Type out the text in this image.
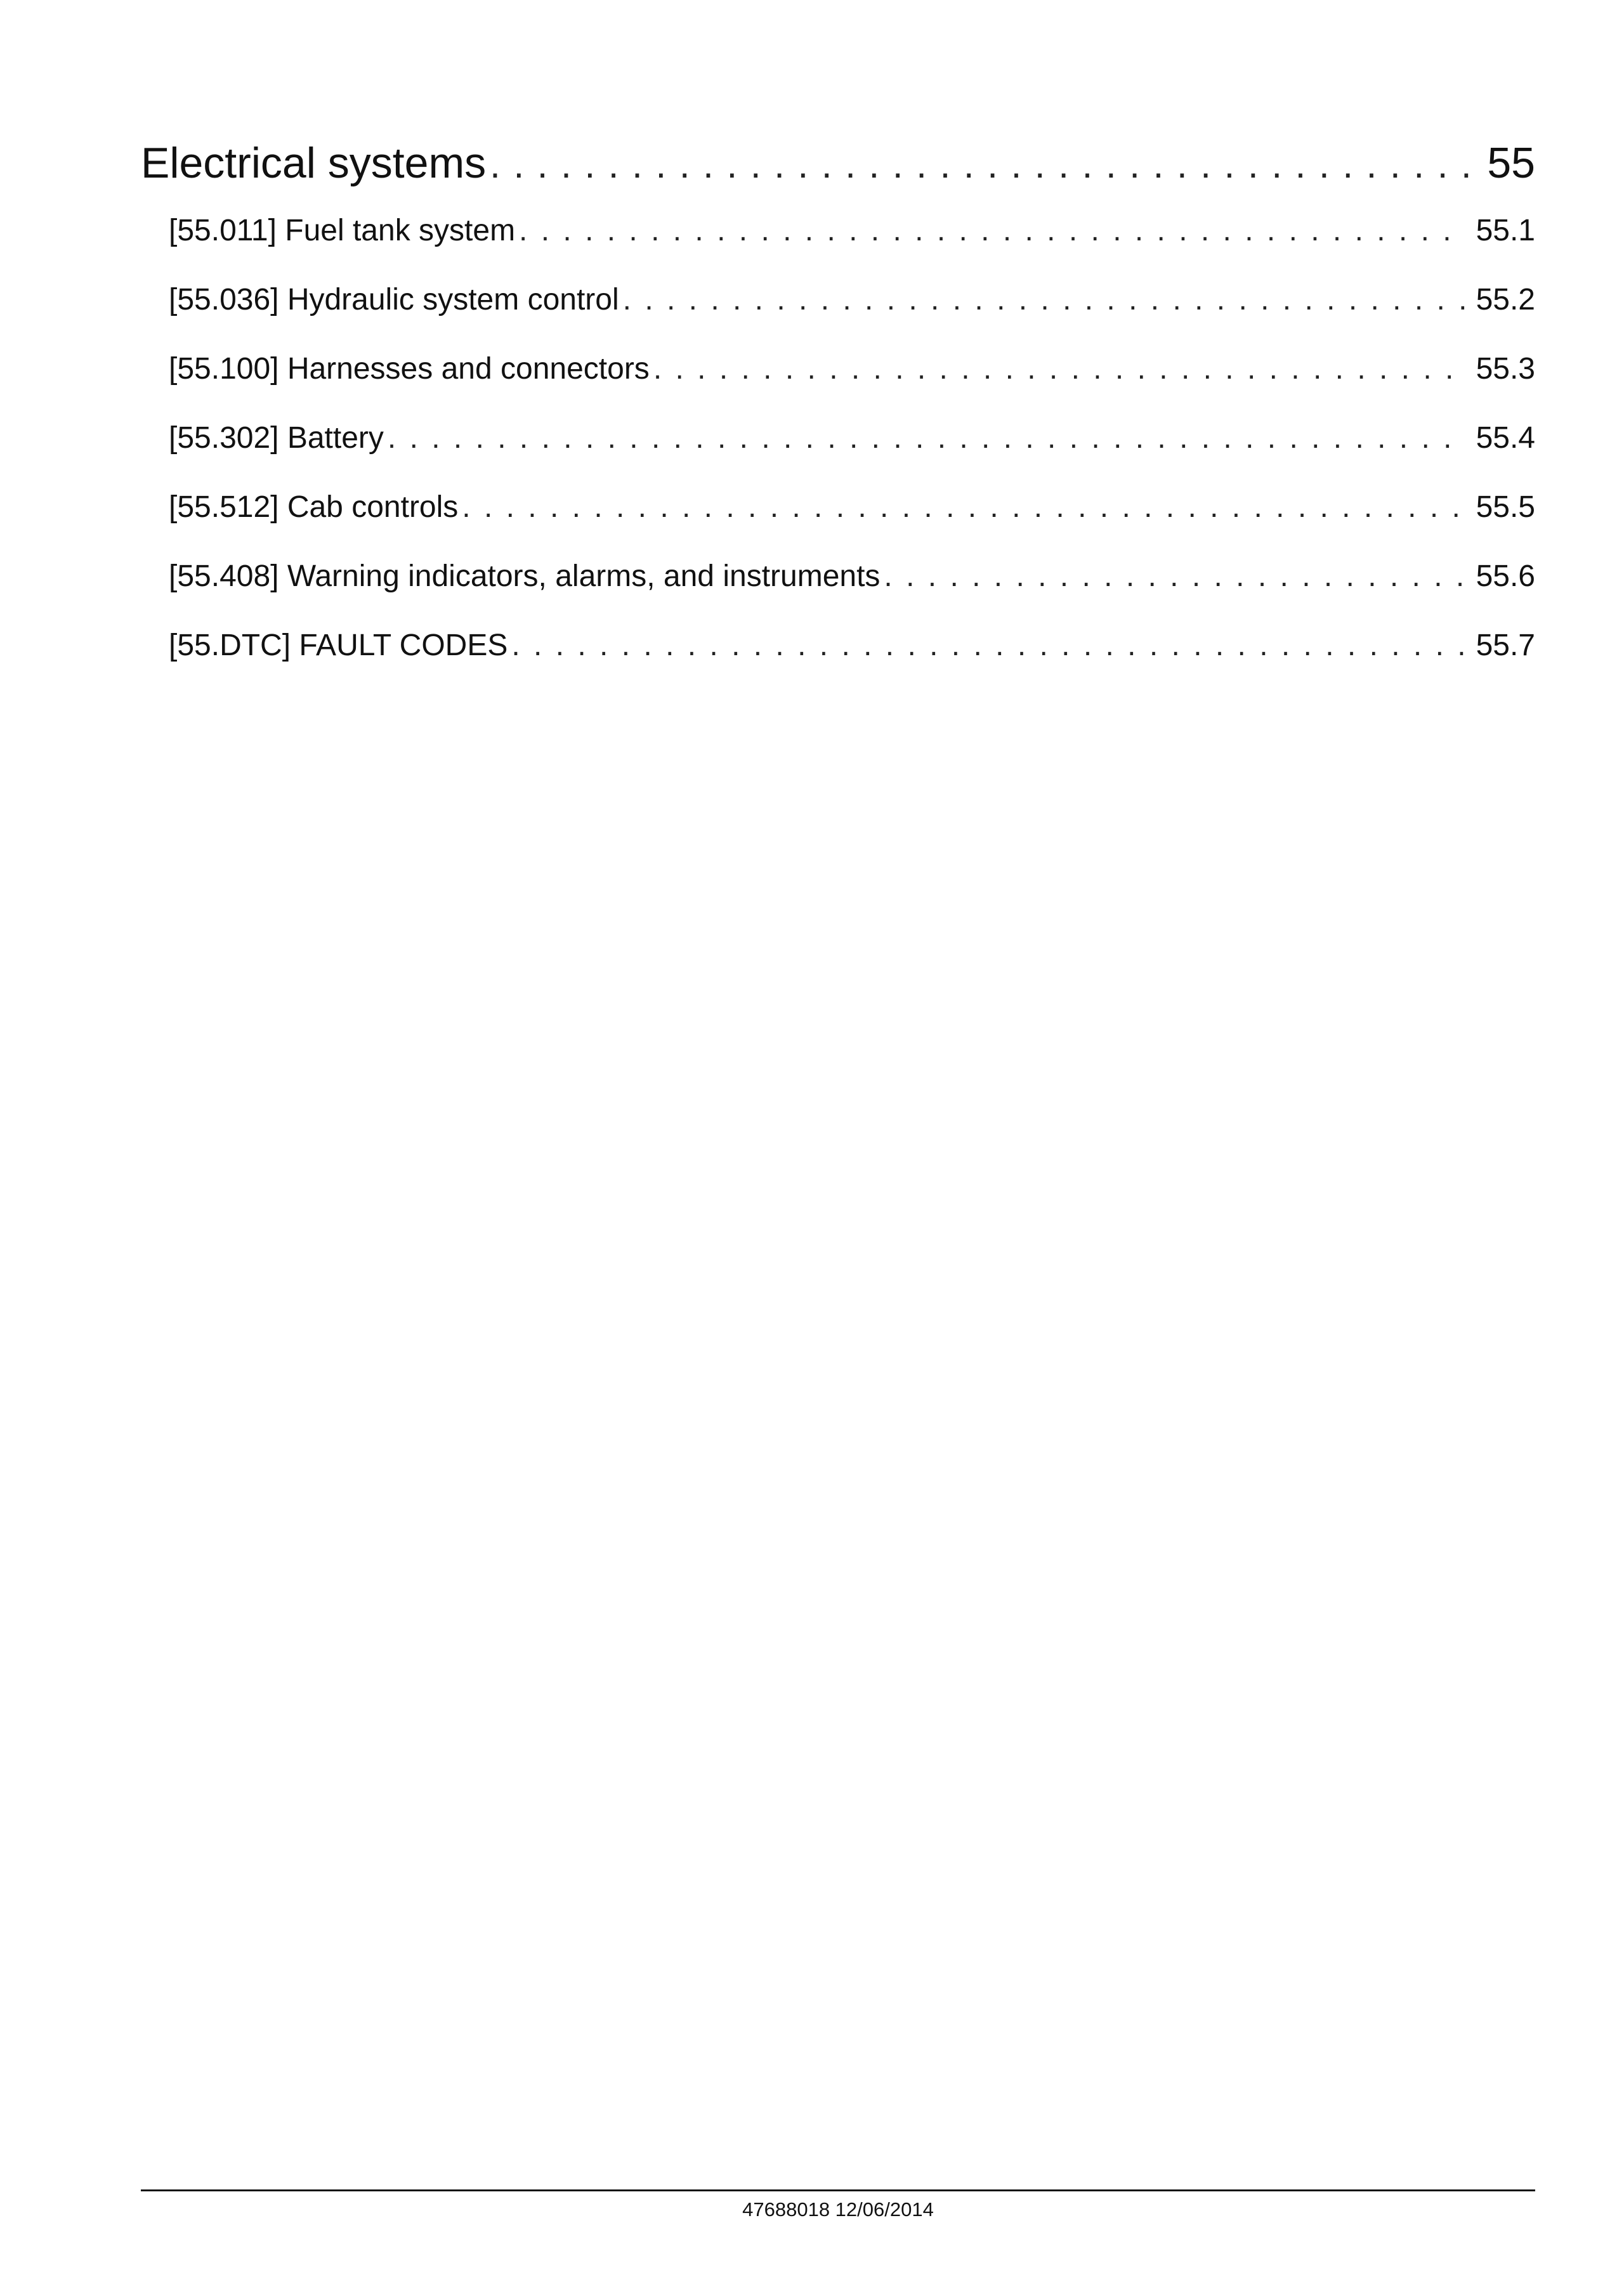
Electrical systems . . .	55
[55.011] Fuel tank system . . .	55.1
[55.036] Hydraulic system control . . .	55.2
[55.100] Harnesses and connectors . . .	55.3
[55.302] Battery . . .	55.4
[55.512] Cab controls . . .	55.5
[55.408] Warning indicators, alarms, and instruments . . .	55.6
[55.DTC] FAULT CODES . . .	55.7
47688018 12/06/2014
